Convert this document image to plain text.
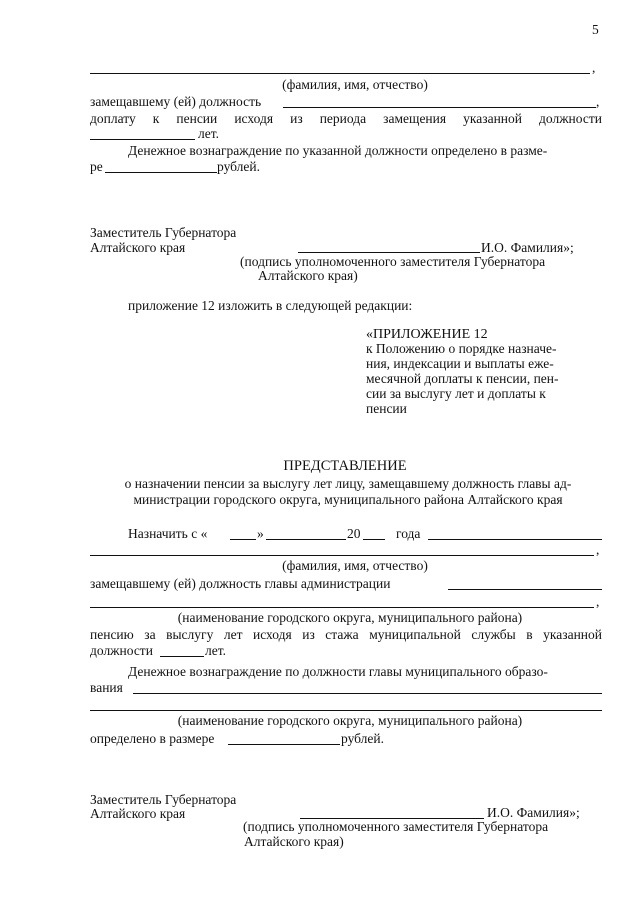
5
,
(фамилия, имя, отчество)
замещавшему (ей) должность	,
доплату к пенсии исходя из периода замещения указанной должности
лет.
Денежное вознаграждение по указанной должности определено в разме-
ре	рублей.
Заместитель Губернатора
Алтайского края	И.О. Фамилия»;
(подпись уполномоченного заместителя Губернатора
Алтайского края)
приложение 12 изложить в следующей редакции:
«ПРИЛОЖЕНИЕ 12
к Положению о порядке назначе-
ния, индексации и выплаты еже-
месячной доплаты к пенсии, пен-
сии за выслугу лет и доплаты к
пенсии
ПРЕДСТАВЛЕНИЕ
о назначении пенсии за выслугу лет лицу, замещавшему должность главы ад-
министрации городского округа, муниципального района Алтайского края
Назначить с «	»	20	года
,
(фамилия, имя, отчество)
замещавшему (ей) должность главы администрации
,
(наименование городского округа, муниципального района)
пенсию за выслугу лет исходя из стажа муниципальной службы в указанной
должности	лет.
Денежное вознаграждение по должности главы муниципального образо-
вания
(наименование городского округа, муниципального района)
определено в размере	рублей.
Заместитель Губернатора
Алтайского края	И.О. Фамилия»;
(подпись уполномоченного заместителя Губернатора
Алтайского края)
